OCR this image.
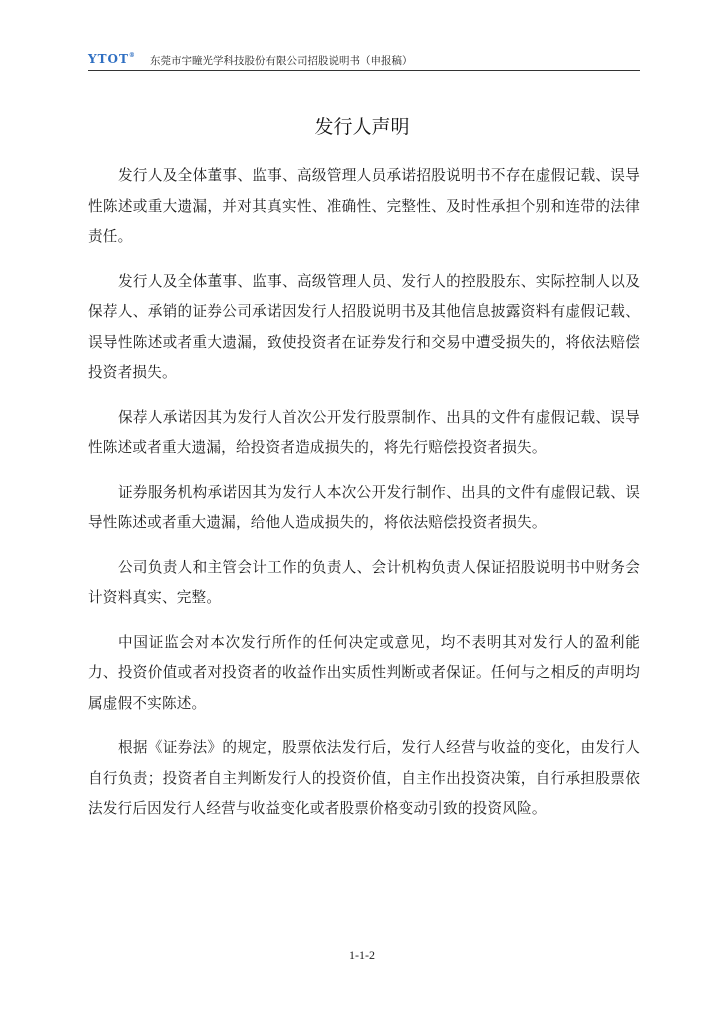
YTOT® 东莞市宇瞳光学科技股份有限公司招股说明书（申报稿）
发行人声明

发行人及全体董事、监事、高级管理人员承诺招股说明书不存在虚假记载、误导性陈述或重大遗漏，并对其真实性、准确性、完整性、及时性承担个别和连带的法律责任。

发行人及全体董事、监事、高级管理人员、发行人的控股股东、实际控制人以及保荐人、承销的证券公司承诺因发行人招股说明书及其他信息披露资料有虚假记载、误导性陈述或者重大遗漏，致使投资者在证券发行和交易中遭受损失的，将依法赔偿投资者损失。

保荐人承诺因其为发行人首次公开发行股票制作、出具的文件有虚假记载、误导性陈述或者重大遗漏，给投资者造成损失的，将先行赔偿投资者损失。

证券服务机构承诺因其为发行人本次公开发行制作、出具的文件有虚假记载、误导性陈述或者重大遗漏，给他人造成损失的，将依法赔偿投资者损失。

公司负责人和主管会计工作的负责人、会计机构负责人保证招股说明书中财务会计资料真实、完整。

中国证监会对本次发行所作的任何决定或意见，均不表明其对发行人的盈利能力、投资价值或者对投资者的收益作出实质性判断或者保证。任何与之相反的声明均属虚假不实陈述。

根据《证券法》的规定，股票依法发行后，发行人经营与收益的变化，由发行人自行负责；投资者自主判断发行人的投资价值，自主作出投资决策，自行承担股票依法发行后因发行人经营与收益变化或者股票价格变动引致的投资风险。

1-1-2
